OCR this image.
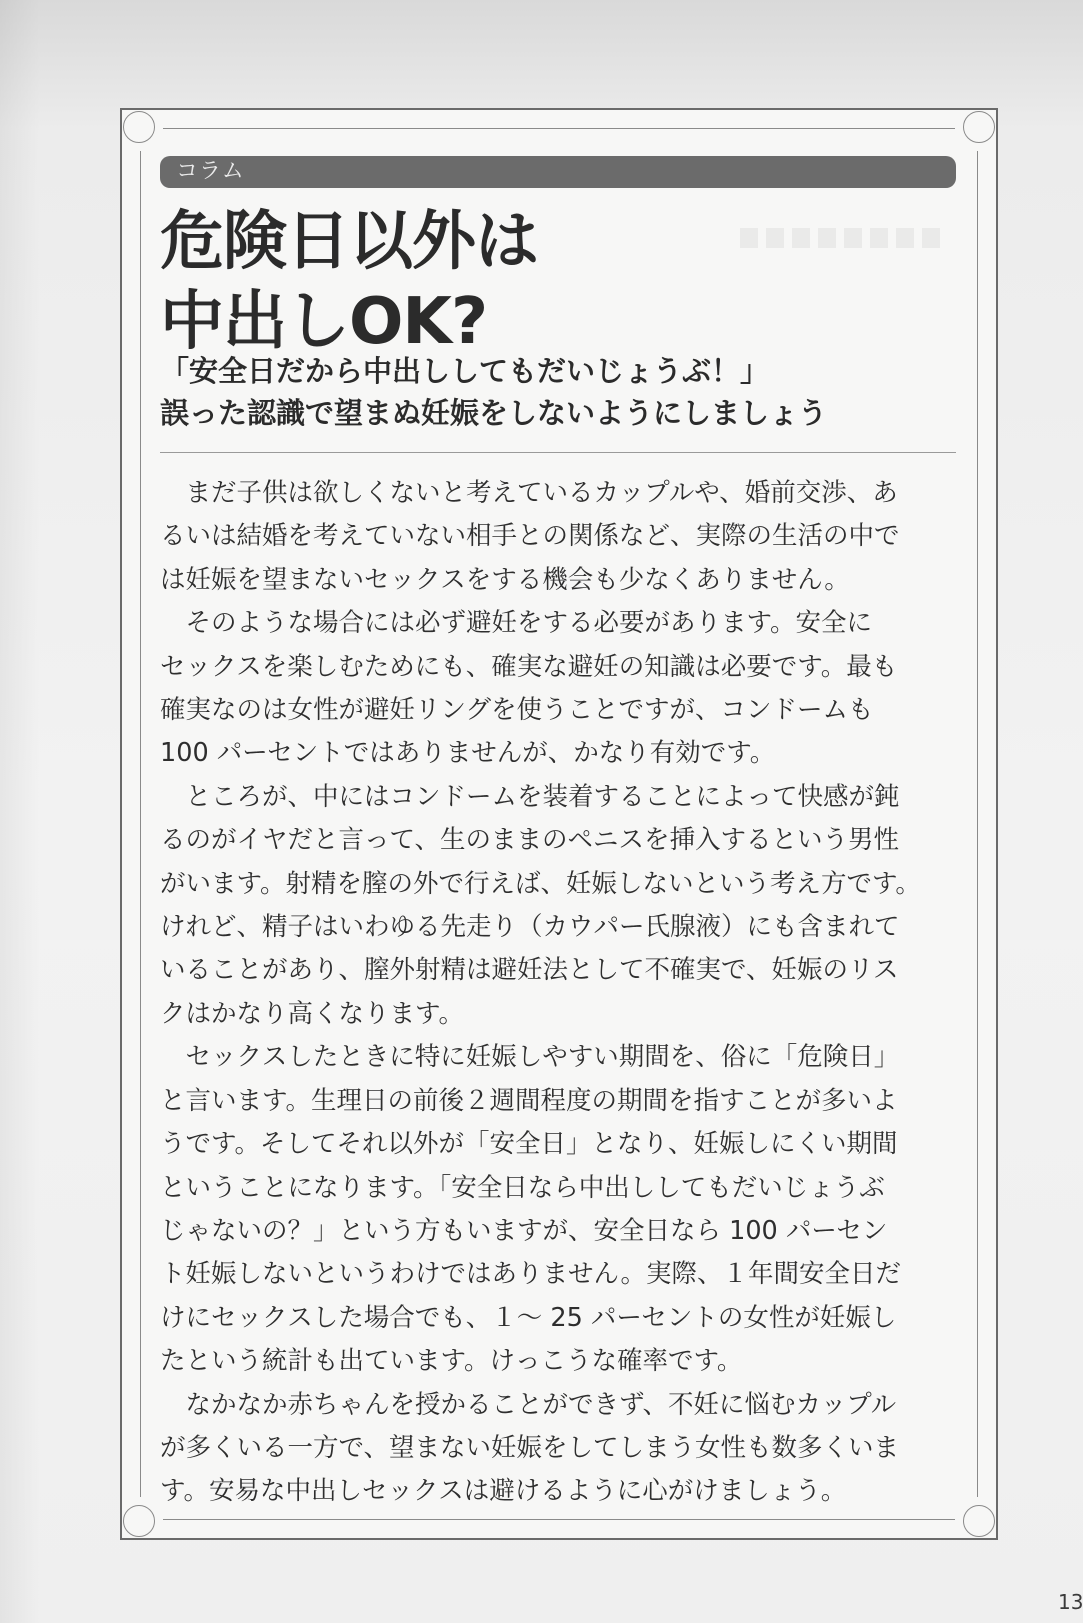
コラム
危険日以外は
中出しOK?
「安全日だから中出ししてもだいじょうぶ！」
誤った認識で望まぬ妊娠をしないようにしましょう
　まだ子供は欲しくないと考えているカップルや、婚前交渉、あ
るいは結婚を考えていない相手との関係など、実際の生活の中で
は妊娠を望まないセックスをする機会も少なくありません。
　そのような場合には必ず避妊をする必要があります。安全に
セックスを楽しむためにも、確実な避妊の知識は必要です。最も
確実なのは女性が避妊リングを使うことですが、コンドームも
100 パーセントではありませんが、かなり有効です。
　ところが、中にはコンドームを装着することによって快感が鈍
るのがイヤだと言って、生のままのペニスを挿入するという男性
がいます。射精を膣の外で行えば、妊娠しないという考え方です。
けれど、精子はいわゆる先走り（カウパー氏腺液）にも含まれて
いることがあり、膣外射精は避妊法として不確実で、妊娠のリス
クはかなり高くなります。
　セックスしたときに特に妊娠しやすい期間を、俗に「危険日」
と言います。生理日の前後２週間程度の期間を指すことが多いよ
うです。そしてそれ以外が「安全日」となり、妊娠しにくい期間
ということになります。「安全日なら中出ししてもだいじょうぶ
じゃないの？」という方もいますが、安全日なら 100 パーセン
ト妊娠しないというわけではありません。実際、１年間安全日だ
けにセックスした場合でも、１～ 25 パーセントの女性が妊娠し
たという統計も出ています。けっこうな確率です。
　なかなか赤ちゃんを授かることができず、不妊に悩むカップル
が多くいる一方で、望まない妊娠をしてしまう女性も数多くいま
す。安易な中出しセックスは避けるように心がけましょう。
13
